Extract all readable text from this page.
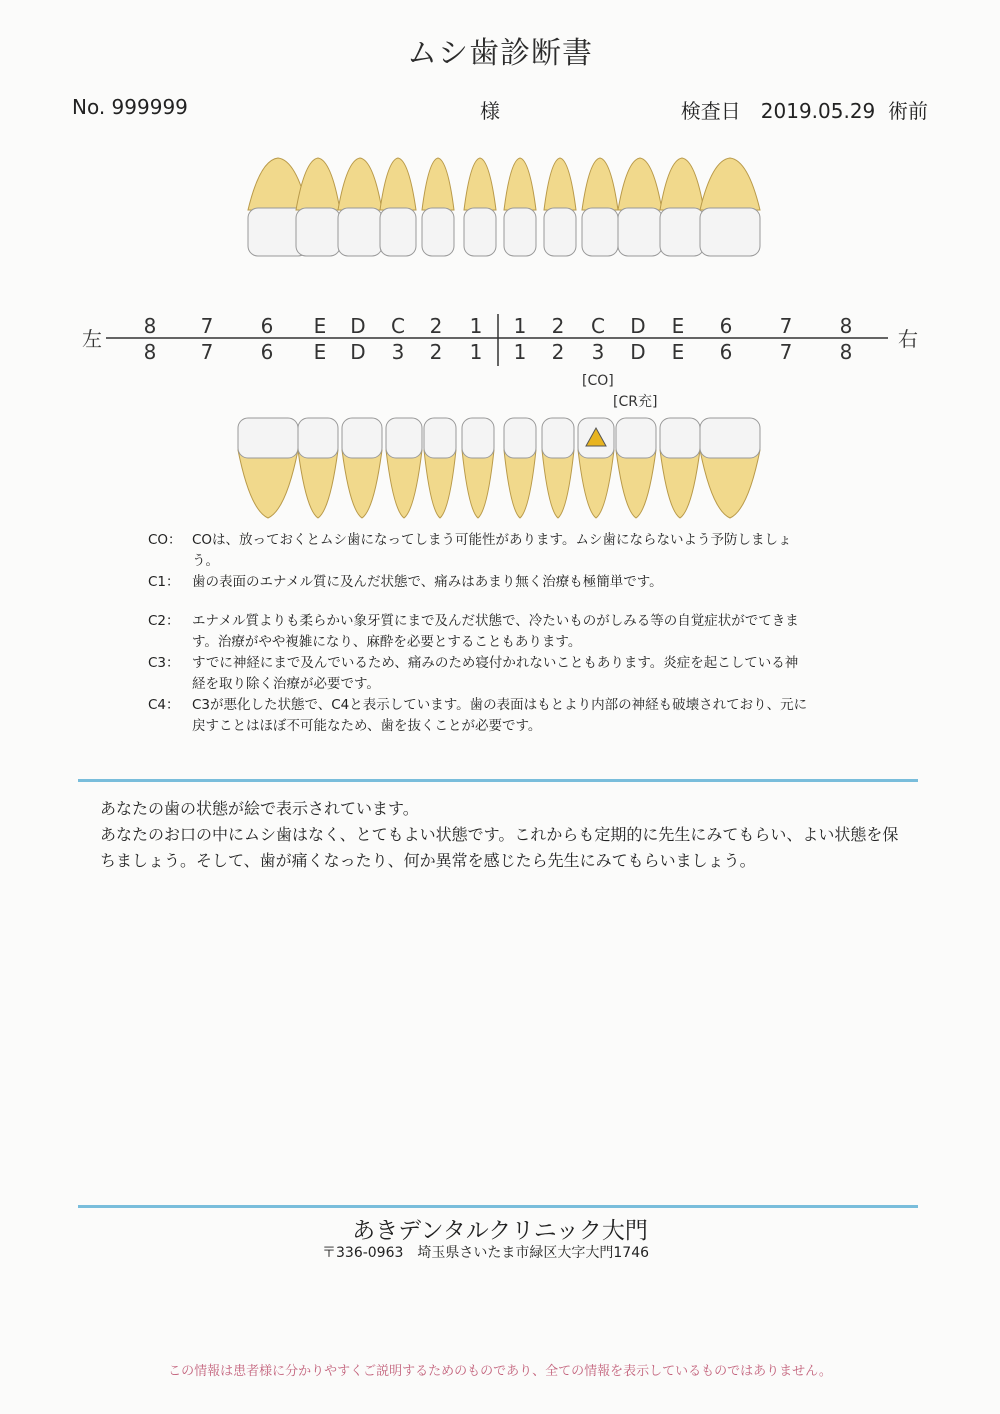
ムシ歯診断書
No. 999999	様	検査日　 2019.05.29 術前
左	右
8 7 6 E D C 2 1 1 2 C D E 6 7 8
8 7 6 E D 3 2 1 1 2 3 D E 6 7 8
[CO]
[CR充]
CO： COは、放っておくとムシ歯になってしまう可能性があります。ムシ歯にならないよう予防しましょう。
C1： 歯の表面のエナメル質に及んだ状態で、痛みはあまり無く治療も極簡単です。
C2： エナメル質よりも柔らかい象牙質にまで及んだ状態で、冷たいものがしみる等の自覚症状がでてきます。治療がやや複雑になり、麻酔を必要とすることもあります。
C3： すでに神経にまで及んでいるため、痛みのため寝付かれないこともあります。炎症を起こしている神経を取り除く治療が必要です。
C4： C3が悪化した状態で、C4と表示しています。歯の表面はもとより内部の神経も破壊されており、元に戻すことはほぼ不可能なため、歯を抜くことが必要です。
あなたの歯の状態が絵で表示されています。
あなたのお口の中にムシ歯はなく、とてもよい状態です。これからも定期的に先生にみてもらい、よい状態を保ちましょう。そして、歯が痛くなったり、何か異常を感じたら先生にみてもらいましょう。
あきデンタルクリニック大門
〒336-0963　埼玉県さいたま市緑区大字大門1746
この情報は患者様に分かりやすくご説明するためのものであり、全ての情報を表示しているものではありません。
